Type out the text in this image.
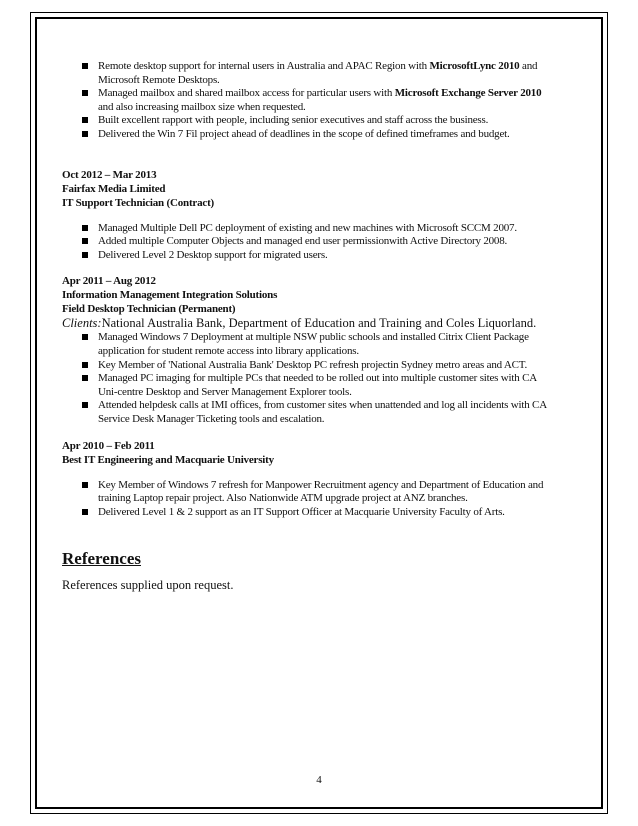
Remote desktop support for internal users in Australia and APAC Region with MicrosoftLync 2010 and Microsoft Remote Desktops.
Managed mailbox and shared mailbox access for particular users with Microsoft Exchange Server 2010 and also increasing mailbox size when requested.
Built excellent rapport with people, including senior executives and staff across the business.
Delivered the Win 7 Fil project ahead of deadlines in the scope of defined timeframes and budget.
Oct 2012 – Mar 2013
Fairfax Media Limited
IT Support Technician (Contract)
Managed Multiple Dell PC deployment of existing and new machines with Microsoft SCCM 2007.
Added multiple Computer Objects and managed end user permissionwith Active Directory 2008.
Delivered Level 2 Desktop support for migrated users.
Apr 2011 – Aug 2012
Information Management Integration Solutions
Field Desktop Technician (Permanent)
Clients:National Australia Bank, Department of Education and Training and Coles Liquorland.
Managed Windows 7 Deployment at multiple NSW public schools and installed Citrix Client Package application for student remote access into library applications.
Key Member of 'National Australia Bank' Desktop PC refresh projectin Sydney metro areas and ACT.
Managed PC imaging for multiple PCs that needed to be rolled out into multiple customer sites with CA Uni-centre Desktop and Server Management Explorer tools.
Attended helpdesk calls at IMI offices, from customer sites when unattended and log all incidents with CA Service Desk Manager Ticketing tools and escalation.
Apr 2010 – Feb 2011
Best IT Engineering and Macquarie University
Key Member of Windows 7 refresh for Manpower Recruitment agency and Department of Education and training Laptop repair project. Also Nationwide ATM upgrade project at ANZ branches.
Delivered Level 1 & 2 support as an IT Support Officer at Macquarie University Faculty of Arts.
References
References supplied upon request.
4
